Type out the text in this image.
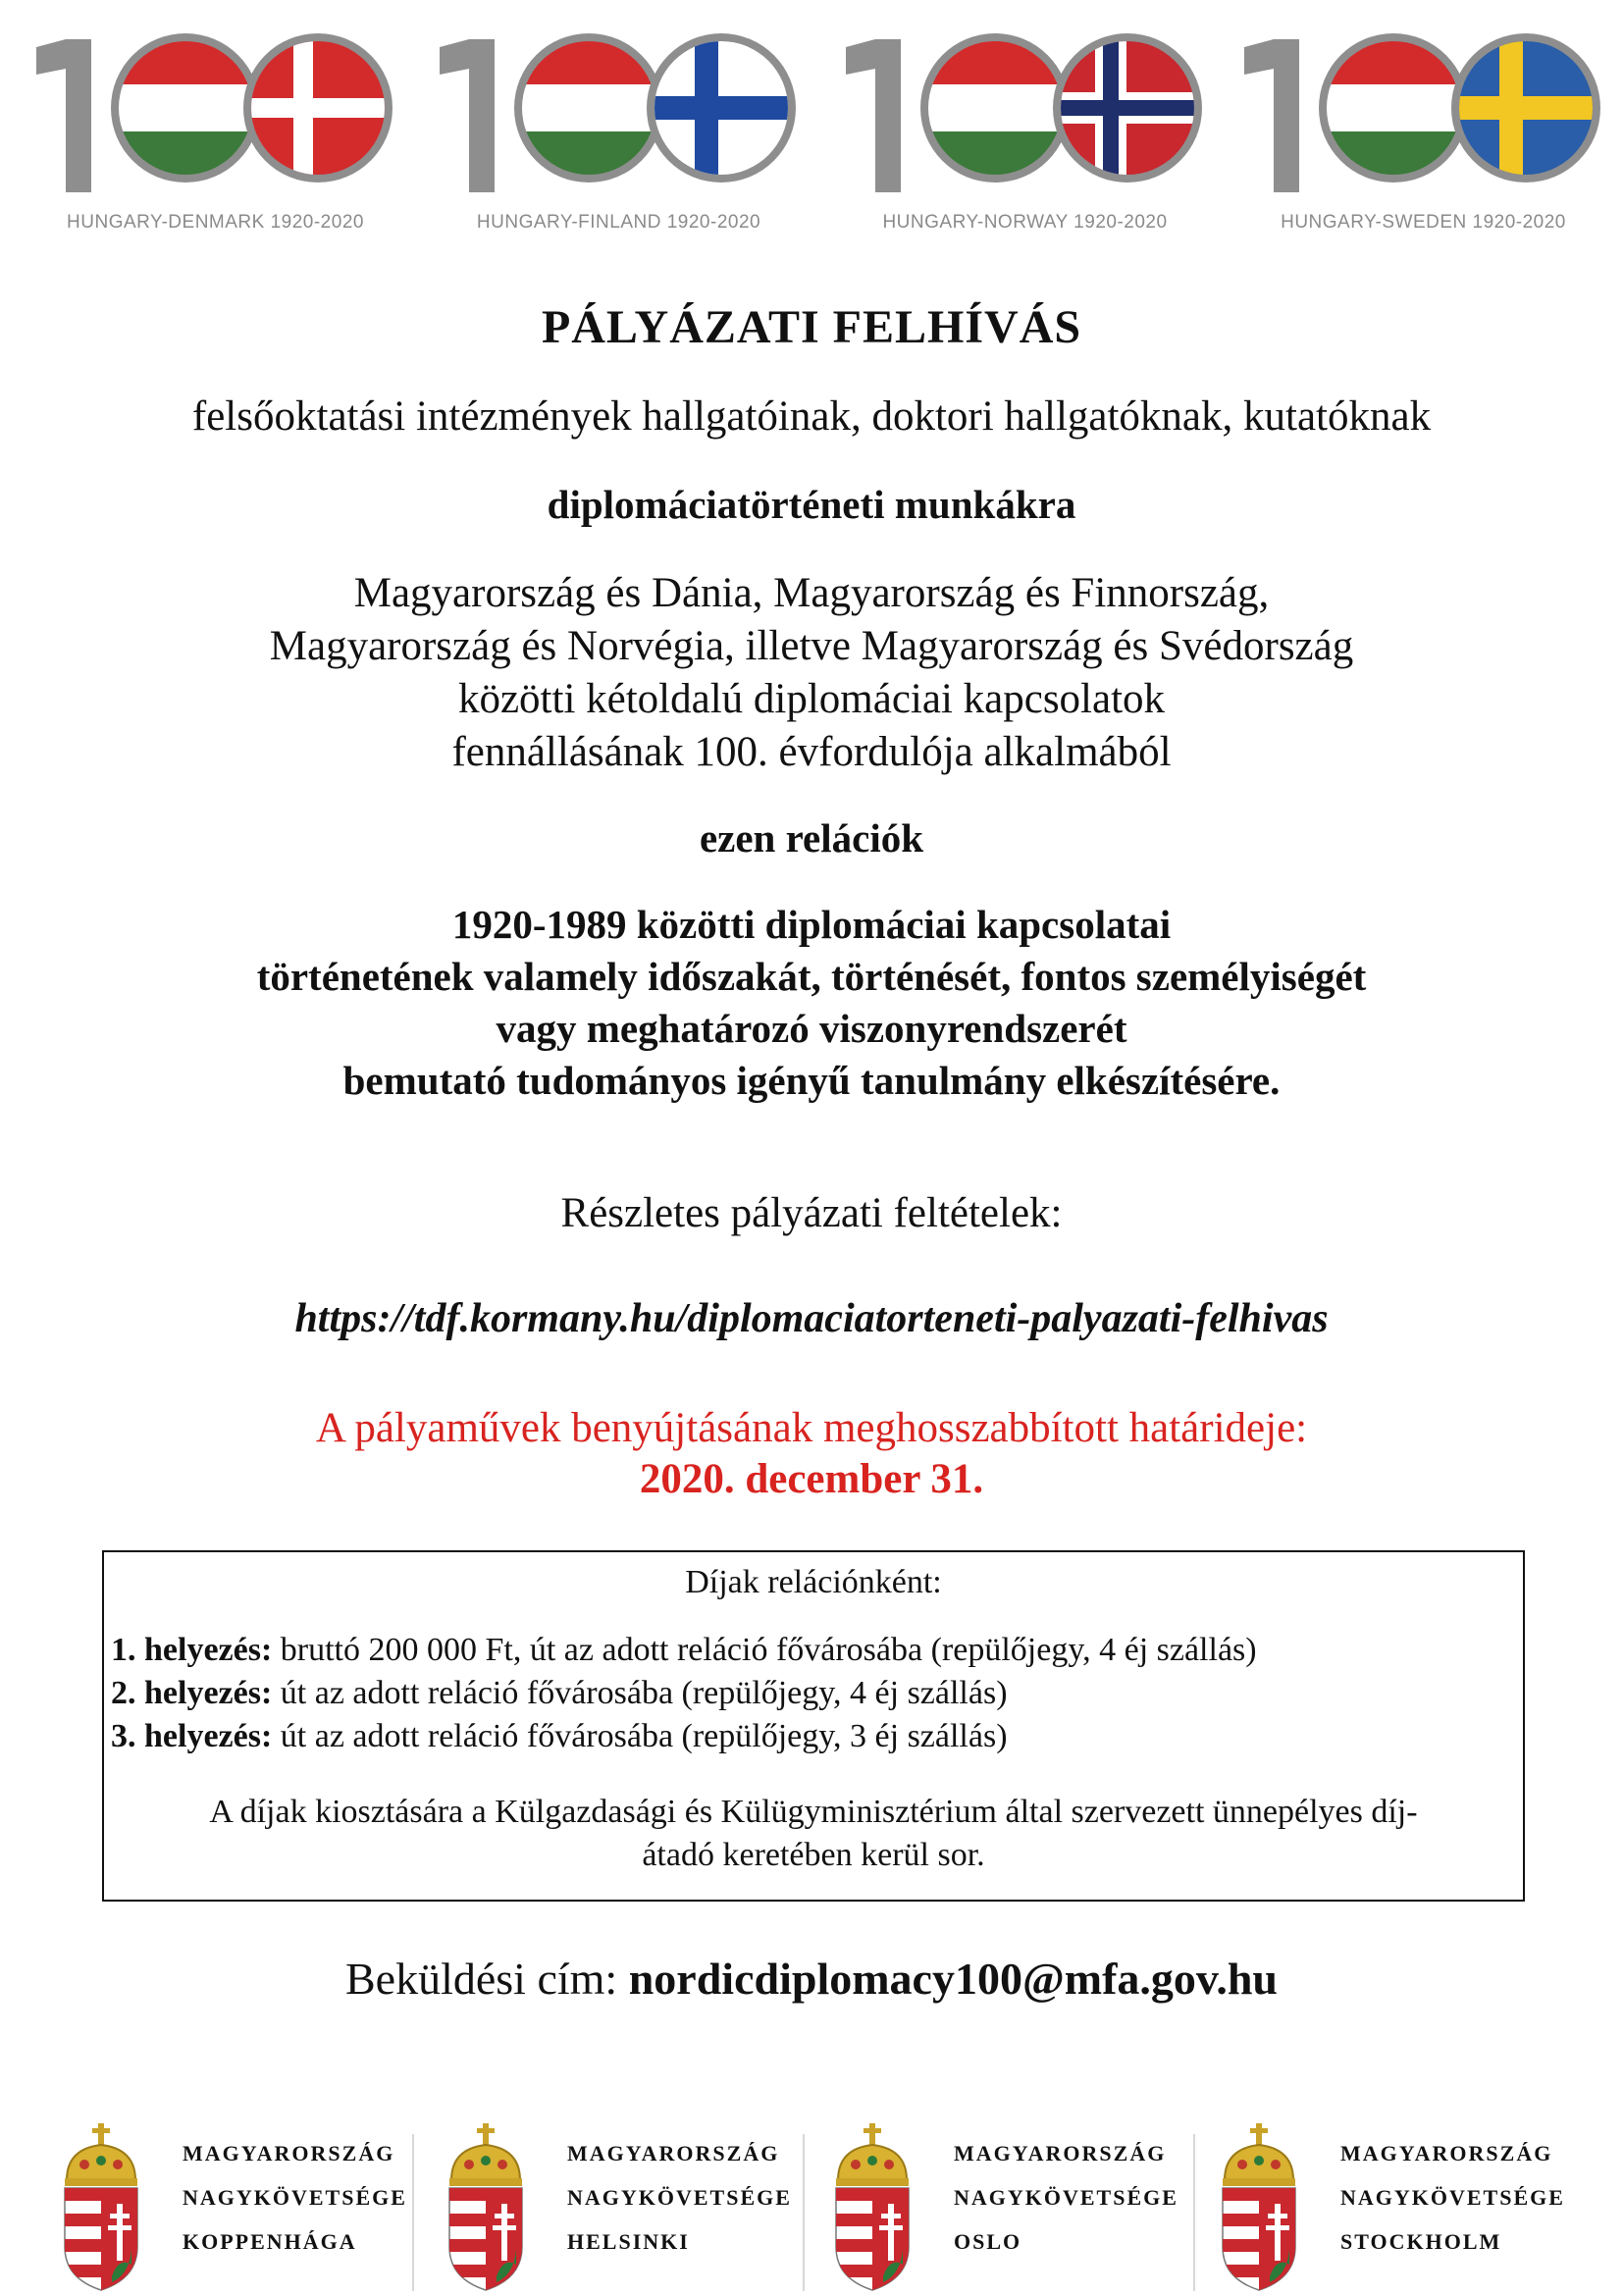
HUNGARY-DENMARK 1920-2020	HUNGARY-FINLAND 1920-2020	HUNGARY-NORWAY 1920-2020	HUNGARY-SWEDEN 1920-2020
PÁLYÁZATI FELHÍVÁS
felsőoktatási intézmények hallgatóinak, doktori hallgatóknak, kutatóknak
diplomáciatörténeti munkákra
Magyarország és Dánia, Magyarország és Finnország,
Magyarország és Norvégia, illetve Magyarország és Svédország
közötti kétoldalú diplomáciai kapcsolatok
fennállásának 100. évfordulója alkalmából
ezen relációk
1920-1989 közötti diplomáciai kapcsolatai
történetének valamely időszakát, történését, fontos személyiségét
vagy meghatározó viszonyrendszerét
bemutató tudományos igényű tanulmány elkészítésére.
Részletes pályázati feltételek:
https://tdf.kormany.hu/diplomaciatorteneti-palyazati-felhivas
A pályaművek benyújtásának meghosszabbított határideje:
2020. december 31.
Díjak relációnként:
1. helyezés: bruttó 200 000 Ft, út az adott reláció fővárosába (repülőjegy, 4 éj szállás)
2. helyezés: út az adott reláció fővárosába (repülőjegy, 4 éj szállás)
3. helyezés: út az adott reláció fővárosába (repülőjegy, 3 éj szállás)
A díjak kiosztására a Külgazdasági és Külügyminisztérium által szervezett ünnepélyes díj-
átadó keretében kerül sor.
Beküldési cím: nordicdiplomacy100@mfa.gov.hu
MAGYARORSZÁG
NAGYKÖVETSÉGE
KOPPENHÁGA
MAGYARORSZÁG
NAGYKÖVETSÉGE
HELSINKI
MAGYARORSZÁG
NAGYKÖVETSÉGE
OSLO
MAGYARORSZÁG
NAGYKÖVETSÉGE
STOCKHOLM
